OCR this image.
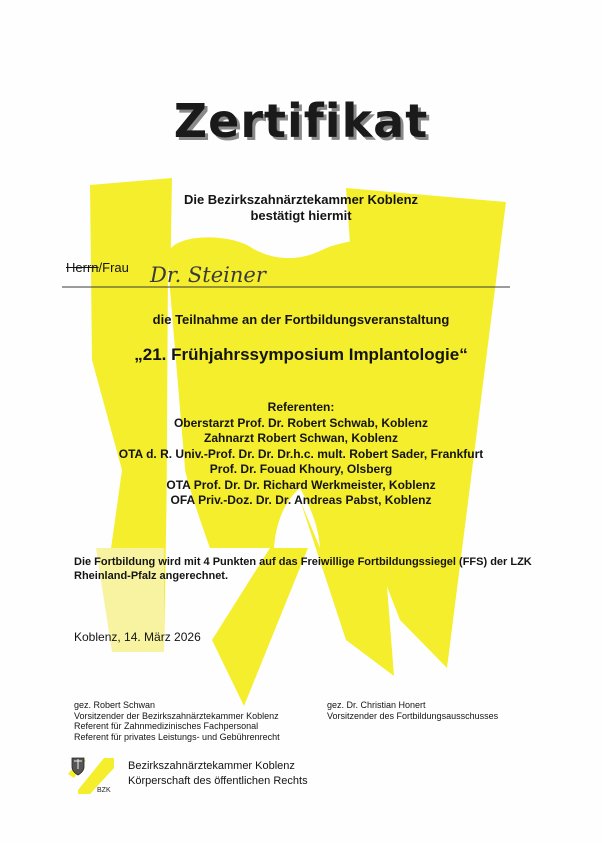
Zertifikat

Die Bezirkszahnärztekammer Koblenz

bestätigt hiermit

Herrn/Frau Dr. Steiner

die Teilnahme an der Fortbildungsveranstaltung

„21. Frühjahrssymposium Implantologie“

Referenten:
Oberstarzt Prof. Dr. Robert Schwab, Koblenz
Zahnarzt Robert Schwan, Koblenz
OTA d. R. Univ.-Prof. Dr. Dr. Dr.h.c. mult. Robert Sader, Frankfurt
Prof. Dr. Fouad Khoury, Olsberg
OTA Prof. Dr. Dr. Richard Werkmeister, Koblenz
OFA Priv.-Doz. Dr. Dr. Andreas Pabst, Koblenz

Die Fortbildung wird mit 4 Punkten auf das Freiwillige Fortbildungssiegel (FFS) der LZK

Rheinland-Pfalz angerechnet.

Koblenz, 14. März 2026

gez. Robert Schwan
Vorsitzender der Bezirkszahnärztekammer Koblenz
Referent für Zahnmedizinisches Fachpersonal
Referent für privates Leistungs- und Gebührenrecht
gez. Dr. Christian Honert
Vorsitzender des Fortbildungsausschusses
BZK

Bezirkszahnärztekammer Koblenz

Körperschaft des öffentlichen Rechts
